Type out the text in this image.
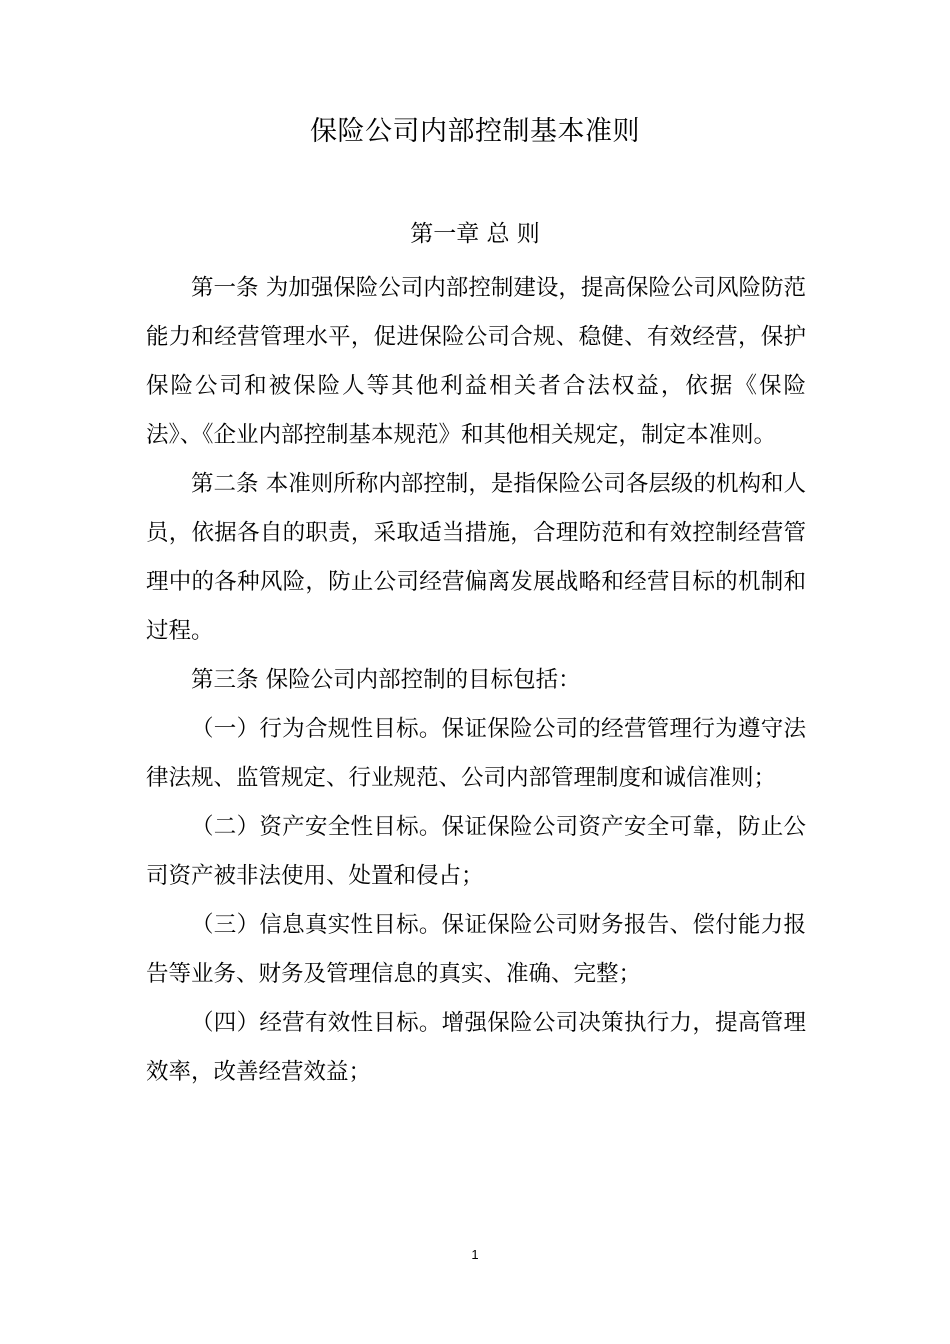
保险公司内部控制基本准则
第一章 总 则

第一条 为加强保险公司内部控制建设，提高保险公司风险防范能力和经营管理水平，促进保险公司合规、稳健、有效经营，保护保险公司和被保险人等其他利益相关者合法权益，依据《保险法》、《企业内部控制基本规范》和其他相关规定，制定本准则。

第二条 本准则所称内部控制，是指保险公司各层级的机构和人员，依据各自的职责，采取适当措施，合理防范和有效控制经营管理中的各种风险，防止公司经营偏离发展战略和经营目标的机制和过程。

第三条 保险公司内部控制的目标包括：

（一）行为合规性目标。保证保险公司的经营管理行为遵守法律法规、监管规定、行业规范、公司内部管理制度和诚信准则；

（二）资产安全性目标。保证保险公司资产安全可靠，防止公司资产被非法使用、处置和侵占；

（三）信息真实性目标。保证保险公司财务报告、偿付能力报告等业务、财务及管理信息的真实、准确、完整；

（四）经营有效性目标。增强保险公司决策执行力，提高管理效率，改善经营效益；

1
